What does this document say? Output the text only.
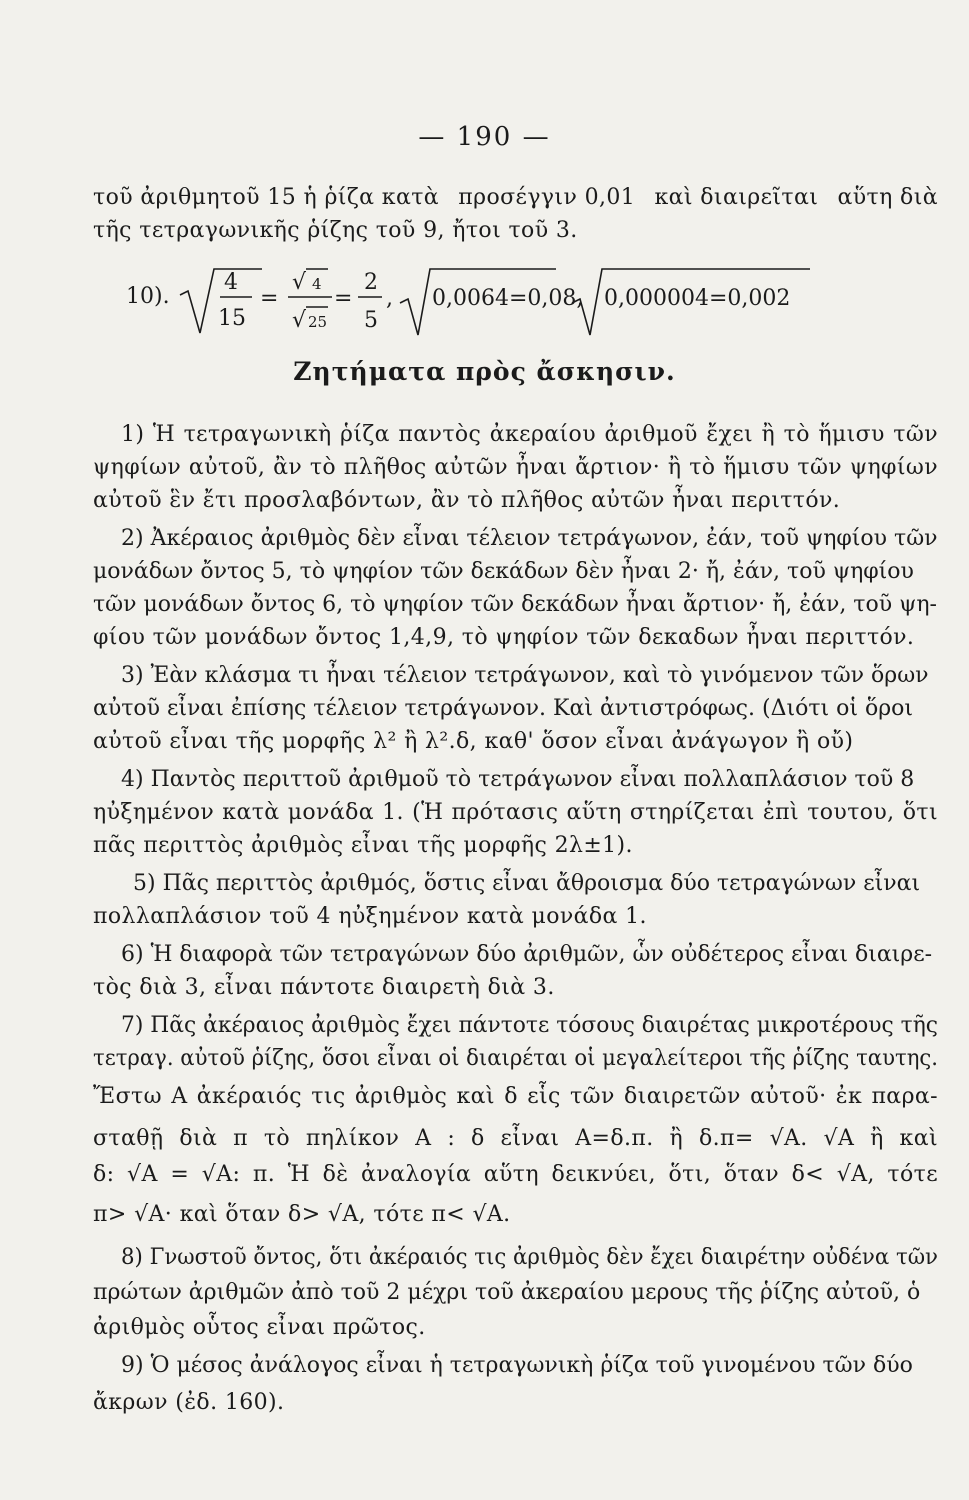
— 190 —
τοῦ ἀριθμητοῦ 15 ἡ ῥίζα κατὰ προσέγγιν 0,01 καὶ διαιρεῖται αὕτη διὰ
τῆς τετραγωνικῆς ῥίζης τοῦ 9, ἤτοι τοῦ 3.
10).
4
15
=
√ 4
√ 25
=
2
5
, 0,0064=0,08, 0,000004=0,002
Ζητήματα πρὸς ἄσκησιν.
1) Ἡ τετραγωνικὴ ῥίζα παντὸς ἀκεραίου ἀριθμοῦ ἔχει ἢ τὸ ἥμισυ τῶν
ψηφίων αὐτοῦ, ἂν τὸ πλῆθος αὐτῶν ἦναι ἄρτιον· ἢ τὸ ἥμισυ τῶν ψηφίων
αὐτοῦ ἓν ἔτι προσλαβόντων, ἂν τὸ πλῆθος αὐτῶν ἦναι περιττόν.
2) Ἀκέραιος ἀριθμὸς δὲν εἶναι τέλειον τετράγωνον, ἐάν, τοῦ ψηφίου τῶν
μονάδων ὄντος 5, τὸ ψηφίον τῶν δεκάδων δὲν ἦναι 2· ἤ, ἐάν, τοῦ ψηφίου
τῶν μονάδων ὄντος 6, τὸ ψηφίον τῶν δεκάδων ἦναι ἄρτιον· ἤ, ἐάν, τοῦ ψη-
φίου τῶν μονάδων ὄντος 1,4,9, τὸ ψηφίον τῶν δεκαδων ἦναι περιττόν.
3) Ἐὰν κλάσμα τι ἦναι τέλειον τετράγωνον, καὶ τὸ γινόμενον τῶν ὅρων
αὐτοῦ εἶναι ἐπίσης τέλειον τετράγωνον. Καὶ ἀντιστρόφως. (Διότι οἱ ὅροι
αὐτοῦ εἶναι τῆς μορφῆς λ² ἢ λ².δ, καθ' ὅσον εἶναι ἀνάγωγον ἢ οὔ)
4) Παντὸς περιττοῦ ἀριθμοῦ τὸ τετράγωνον εἶναι πολλαπλάσιον τοῦ 8
ηὐξημένον κατὰ μονάδα 1. (Ἡ πρότασις αὕτη στηρίζεται ἐπὶ τουτου, ὅτι
πᾶς περιττὸς ἀριθμὸς εἶναι τῆς μορφῆς 2λ±1).
5) Πᾶς περιττὸς ἀριθμός, ὅστις εἶναι ἄθροισμα δύο τετραγώνων εἶναι
πολλαπλάσιον τοῦ 4 ηὐξημένον κατὰ μονάδα 1.
6) Ἡ διαφορὰ τῶν τετραγώνων δύο ἀριθμῶν, ὧν οὐδέτερος εἶναι διαιρε-
τὸς διὰ 3, εἶναι πάντοτε διαιρετὴ διὰ 3.
7) Πᾶς ἀκέραιος ἀριθμὸς ἔχει πάντοτε τόσους διαιρέτας μικροτέρους τῆς
τετραγ. αὐτοῦ ῥίζης, ὅσοι εἶναι οἱ διαιρέται οἱ μεγαλείτεροι τῆς ῥίζης ταυτης.
Ἔστω Α ἀκέραιός τις ἀριθμὸς καὶ δ εἷς τῶν διαιρετῶν αὐτοῦ· ἐκ παρα-
σταθῇ διὰ π τὸ πηλίκον Α : δ εἶναι Α=δ.π. ἢ δ.π= √Α. √Α ἢ καὶ
δ: √Α = √Α: π. Ἡ δὲ ἀναλογία αὕτη δεικνύει, ὅτι, ὅταν δ< √Α, τότε
π> √Α· καὶ ὅταν δ> √Α, τότε π< √Α.
8) Γνωστοῦ ὄντος, ὅτι ἀκέραιός τις ἀριθμὸς δὲν ἔχει διαιρέτην οὐδένα τῶν
πρώτων ἀριθμῶν ἀπὸ τοῦ 2 μέχρι τοῦ ἀκεραίου μερους τῆς ῥίζης αὐτοῦ, ὁ
ἀριθμὸς οὗτος εἶναι πρῶτος.
9) Ὁ μέσος ἀνάλογος εἶναι ἡ τετραγωνικὴ ῥίζα τοῦ γινομένου τῶν δύο
ἄκρων (ἐδ. 160).
